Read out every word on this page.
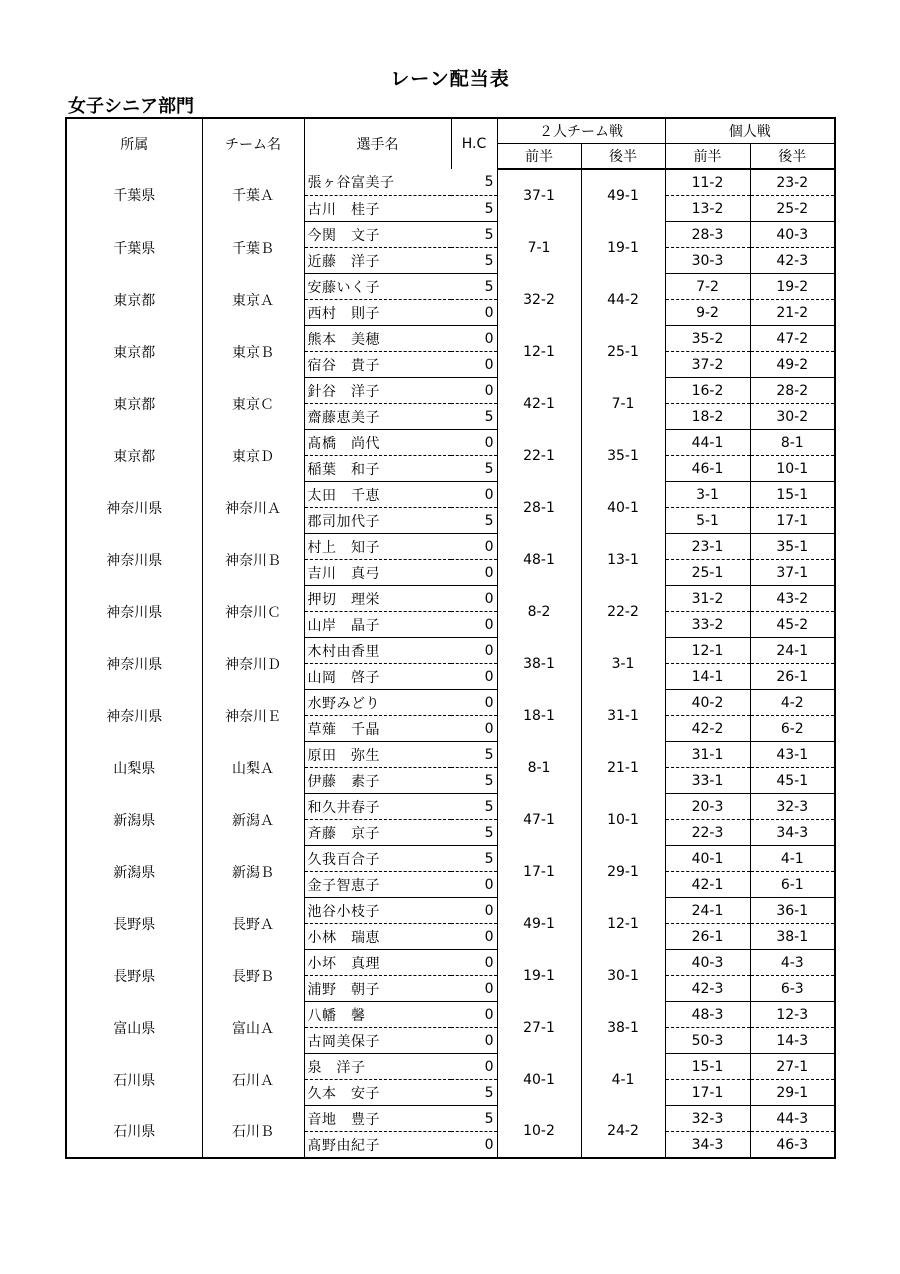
レーン配当表
女子シニア部門
所属	チーム名	選手名	H.C	２人チーム戦		個人戦	
				前半	後半	前半	後半
千葉県	千葉Ａ	張ヶ谷富美子	5	37-1	49-1	11-2	23-2
		古川　桂子	5			13-2	25-2
千葉県	千葉Ｂ	今関　文子	5	7-1	19-1	28-3	40-3
		近藤　洋子	5			30-3	42-3
東京都	東京Ａ	安藤いく子	5	32-2	44-2	7-2	19-2
		西村　則子	0			9-2	21-2
東京都	東京Ｂ	熊本　美穂	0	12-1	25-1	35-2	47-2
		宿谷　貴子	0			37-2	49-2
東京都	東京Ｃ	針谷　洋子	0	42-1	7-1	16-2	28-2
		齋藤恵美子	5			18-2	30-2
東京都	東京Ｄ	髙橋　尚代	0	22-1	35-1	44-1	8-1
		稲葉　和子	5			46-1	10-1
神奈川県	神奈川Ａ	太田　千恵	0	28-1	40-1	3-1	15-1
		郡司加代子	5			5-1	17-1
神奈川県	神奈川Ｂ	村上　知子	0	48-1	13-1	23-1	35-1
		吉川　真弓	0			25-1	37-1
神奈川県	神奈川Ｃ	押切　理栄	0	8-2	22-2	31-2	43-2
		山岸　晶子	0			33-2	45-2
神奈川県	神奈川Ｄ	木村由香里	0	38-1	3-1	12-1	24-1
		山岡　啓子	0			14-1	26-1
神奈川県	神奈川Ｅ	水野みどり	0	18-1	31-1	40-2	4-2
		草薙　千晶	0			42-2	6-2
山梨県	山梨Ａ	原田　弥生	5	8-1	21-1	31-1	43-1
		伊藤　素子	5			33-1	45-1
新潟県	新潟Ａ	和久井春子	5	47-1	10-1	20-3	32-3
		斉藤　京子	5			22-3	34-3
新潟県	新潟Ｂ	久我百合子	5	17-1	29-1	40-1	4-1
		金子智恵子	0			42-1	6-1
長野県	長野Ａ	池谷小枝子	0	49-1	12-1	24-1	36-1
		小林　瑞恵	0			26-1	38-1
長野県	長野Ｂ	小坏　真理	0	19-1	30-1	40-3	4-3
		浦野　朝子	0			42-3	6-3
富山県	富山Ａ	八幡　馨	0	27-1	38-1	48-3	12-3
		古岡美保子	0			50-3	14-3
石川県	石川Ａ	泉　洋子	0	40-1	4-1	15-1	27-1
		久本　安子	5			17-1	29-1
石川県	石川Ｂ	音地　豊子	5	10-2	24-2	32-3	44-3
		髙野由紀子	0			34-3	46-3
